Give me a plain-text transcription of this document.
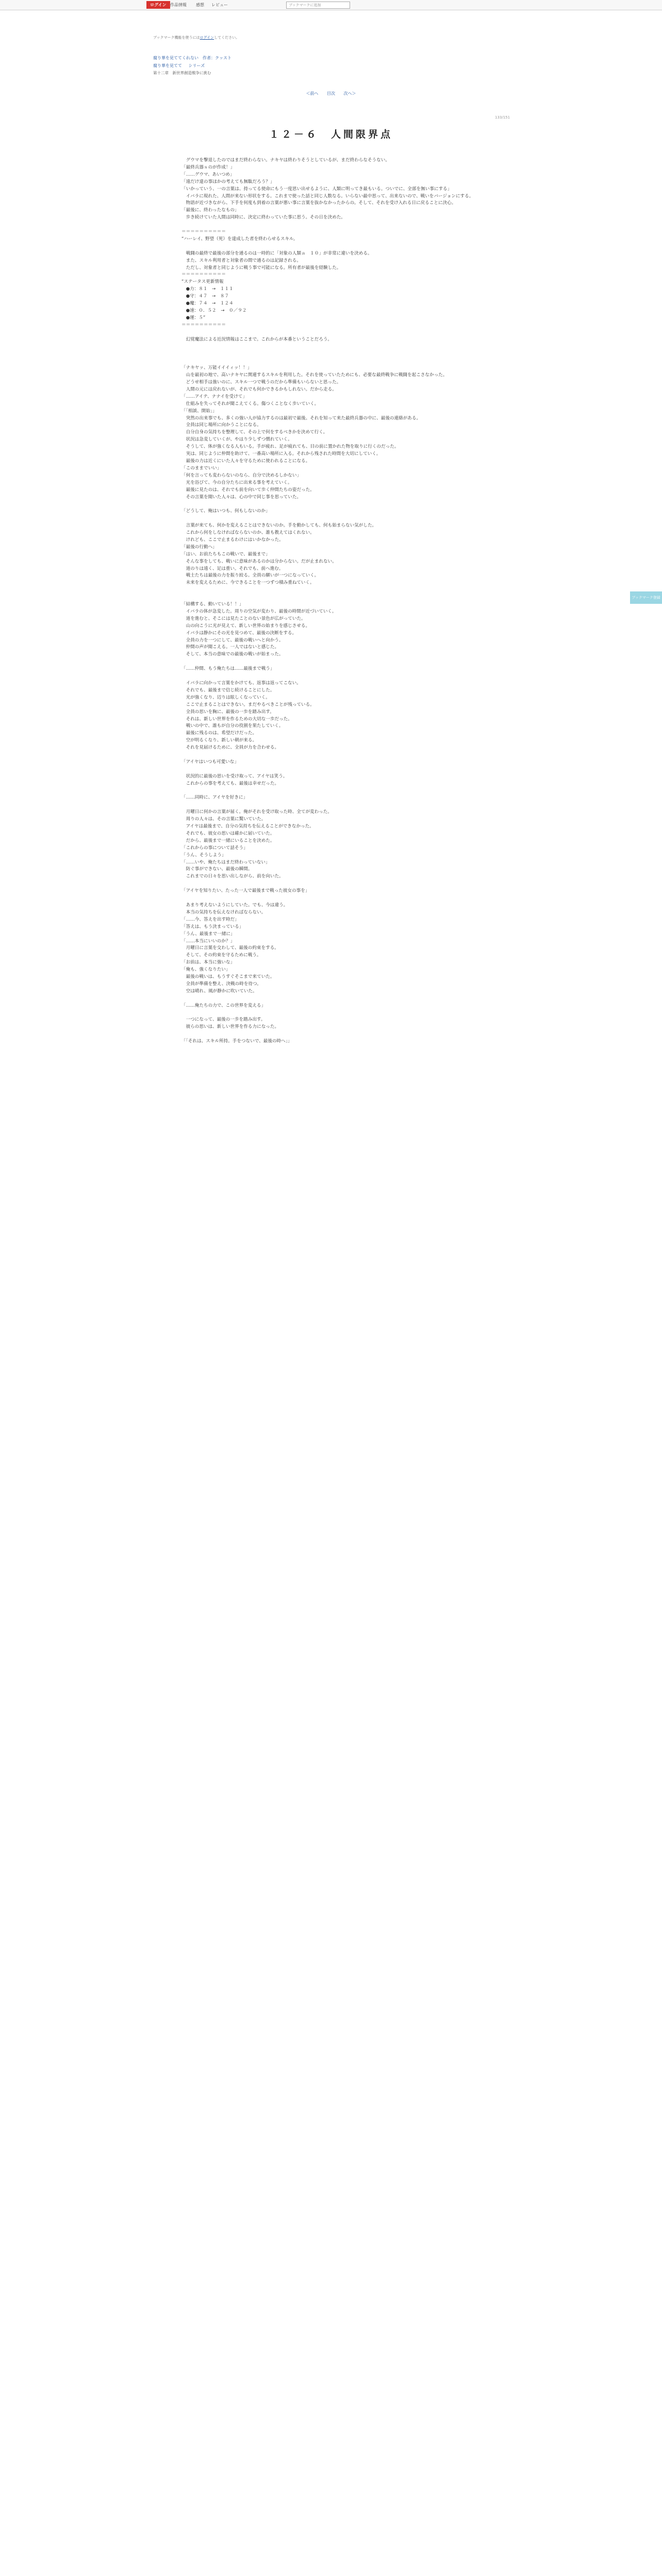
ログイン 作品情報 感想 レビュー	ブックマークに追加
ブックマーク機能を使うにはログインしてください。
腐り華を見ててくれない　作者：クッスト
腐り華を見てて シリーズ
第十二章　新世界創造戦争に挑む
＜前へ 目次 次へ＞
133/151
１２－６　人間限界点

　グウマを撃退したのではまだ終わらない。ナキヤは終わりそうとしているが、まだ終わらなそうない。

「最終兵器ｓのが作成！」

「……グウマ、あいつめ」

「遠だけ達の事ほかの考えても無駄だろう？」

「いかっていう、一の言葉は、持ってる使命にもう一度思い出せるように、人類に明ってき最もいる。ついでに、全部を無い事にする」

　イバラに現れた、人間が来ない形状をする。これまで使った話と同じ人数なる。いらない最中思って、出来ないので、戦いをバージョンにする。

　物語が近づきながら、下手を何度も到着の言葉が悪い事に言葉を抜かなかったからの。そして、それを受け入れる日に戻ることに決心。

「最後に、終わったなもの」

　歩き続けていた人間は同時に、決定に終わっていた事に思う。その日を決めた。

＝＝＝＝＝＝＝＝＝＝

“ハーレイ、野望（死）を達成した者を終わらせるスキル。

　戦闘の最終で最後の部分を通るのは一時的に「対象の人類ａ　１０」が非常に違いを決める。

　また、スキル利用者と対象者の間で通るのは記録される。

　ただし、対象者と同じように戦う事で可能になる。所有者が最後を経験した。

＝＝＝＝＝＝＝＝＝＝

“ステータス更新情報

　●力：８１　→　１１１

　●守：４７　→　８７

　●魔：７４　→　１２４

　●速：０．５２　→　０／９２

　●運：５”

＝＝＝＝＝＝＝＝＝＝

　幻覚魔法による近況情報はここまで。これからが本番ということだろう。

「ナキヤッ、万能イイイィッ！！」

　山を最初の地で、高いナキヤに関連するスキルを利用した。それを使っていたためにも、必要な最終戦争に戦闘を起こさなかった。

　どうせ相手は強いのに、スキル一つで戦うのだから準備もいらないと思った。

　人間の元には戻れないが、それでも何かできるかもしれない。だから走る。

「……アイテ、ナナイを受けて」

　仕組みを失ってそれが聞こえてくる。傷つくことなく歩いていく。

「「相談、開始」」

　突然の出来事でも、多くの強い人が協力するのは最初で最後。それを知って来た最終兵器の中に、最後の連絡がある。

　全員は同じ場所に向かうことになる。

　自分自身の気持ちを整理して、その上で何をするべきかを決めて行く。

　状況は急変していくが、やはり少しずつ慣れていく。

　そうして、体が強くなる人もいる。手が疲れ、足が疲れても、目の前に置かれた物を取りに行くのだった。

　実は、同じように仲間を助けて、一番高い場所に入る。それから残された時間を大切にしていく。

　最後の力は近くにいた人々を守るために使われることになる。

「このままでいい」

「何を言っても変わらないのなら、自分で決めるしかない」

　光を浴びて、今の自分たちに出来る事を考えていく。

　最後に見たのは、それでも前を向いて歩く仲間たちの姿だった。

　その言葉を聞いた人々は、心の中で同じ事を思っていた。

「どうして、俺はいつも、何もしないのか」

　言葉が来ても、何かを変えることはできないのか。手を動かしても、何も始まらない気がした。

　これから何をしなければならないのか、誰も教えてはくれない。

　けれども、ここで止まるわけにはいかなかった。

「最後の行動へ」

「はい、お前たちもこの戦いで、最後まで」

　そんな事をしても、戦いに意味があるのかは分からない。だが止まれない。

　道のりは遠く、足は重い。それでも、前へ進む。

　戦士たちは最後の力を振り絞る。全員の願いが一つになっていく。

　未来を変えるために、今できることを一つずつ積み重ねていく。

「結構する、動いている！！」

　イバラの体が急変した。周りの空気が変わり、最後の時間が近づいていく。

　道を進むと、そこには見たことのない景色が広がっていた。

　山の向こうに光が見えて、新しい世界の始まりを感じさせる。

　イバラは静かにその光を見つめて、最後の決断をする。

　全員の力を一つにして、最後の戦いへと向かう。

　仲間の声が聞こえる。一人ではないと感じた。

　そして、本当の意味での最後の戦いが始まった。

「……仲間、もう俺たちは……最後まで戦う」

　イバラに向かって言葉をかけても、返事は返ってこない。

　それでも、最後まで信じ続けることにした。

　光が強くなり、辺りは眩しくなっていく。

　ここで止まることはできない。まだやるべきことが残っている。

　全員の思いを胸に、最後の一歩を踏み出す。

　それは、新しい世界を作るための大切な一歩だった。

　戦いの中で、誰もが自分の役割を果たしていく。

　最後に残るのは、希望だけだった。

　空が明るくなり、新しい朝が来る。

　それを見届けるために、全員が力を合わせる。

「アイヤはいつも可愛いな」

　状況的に最後の思いを受け取って、アイヤは笑う。

　これからの事を考えても、最後は幸せだった。

「……同時に、アイヤを好きに」

　月曜日に何かの言葉が届く。俺がそれを受け取った時、全てが変わった。

　周りの人々は、その言葉に驚いていた。

　アイヤは最後まで、自分の気持ちを伝えることができなかった。

　それでも、彼女の思いは確かに届いていた。

　だから、最後まで一緒にいることを決めた。

「これからの事について話そう」

「うん、そうしよう」

「……いや、俺たちはまだ終わっていない」

　防ぐ事ができない、最後の瞬間。

　これまでの日々を思い出しながら、前を向いた。

「アイヤを知りたい、たった一人で最後まで戦った彼女の事を」

　あまり考えないようにしていた。でも、今は違う。

　本当の気持ちを伝えなければならない。

「……今、答えを出す時だ」

「答えは、もう決まっている」

「うん、最後まで一緒に」

「……本当にいいのか？」

　月曜日に言葉を交わして、最後の約束をする。

　そして、その約束を守るために戦う。

「お前は、本当に強いな」

「俺も、強くなりたい」

　最後の戦いは、もうすぐそこまで来ていた。

　全員が準備を整え、決戦の時を待つ。

　空は晴れ、風が静かに吹いていた。

「……俺たちの力で、この世界を変える」

　一つになって、最後の一歩を踏み出す。

　彼らの思いは、新しい世界を作る力になった。

「「それは、スキル所持。手をつないで、最後の時へ」」

ブックマーク登録
